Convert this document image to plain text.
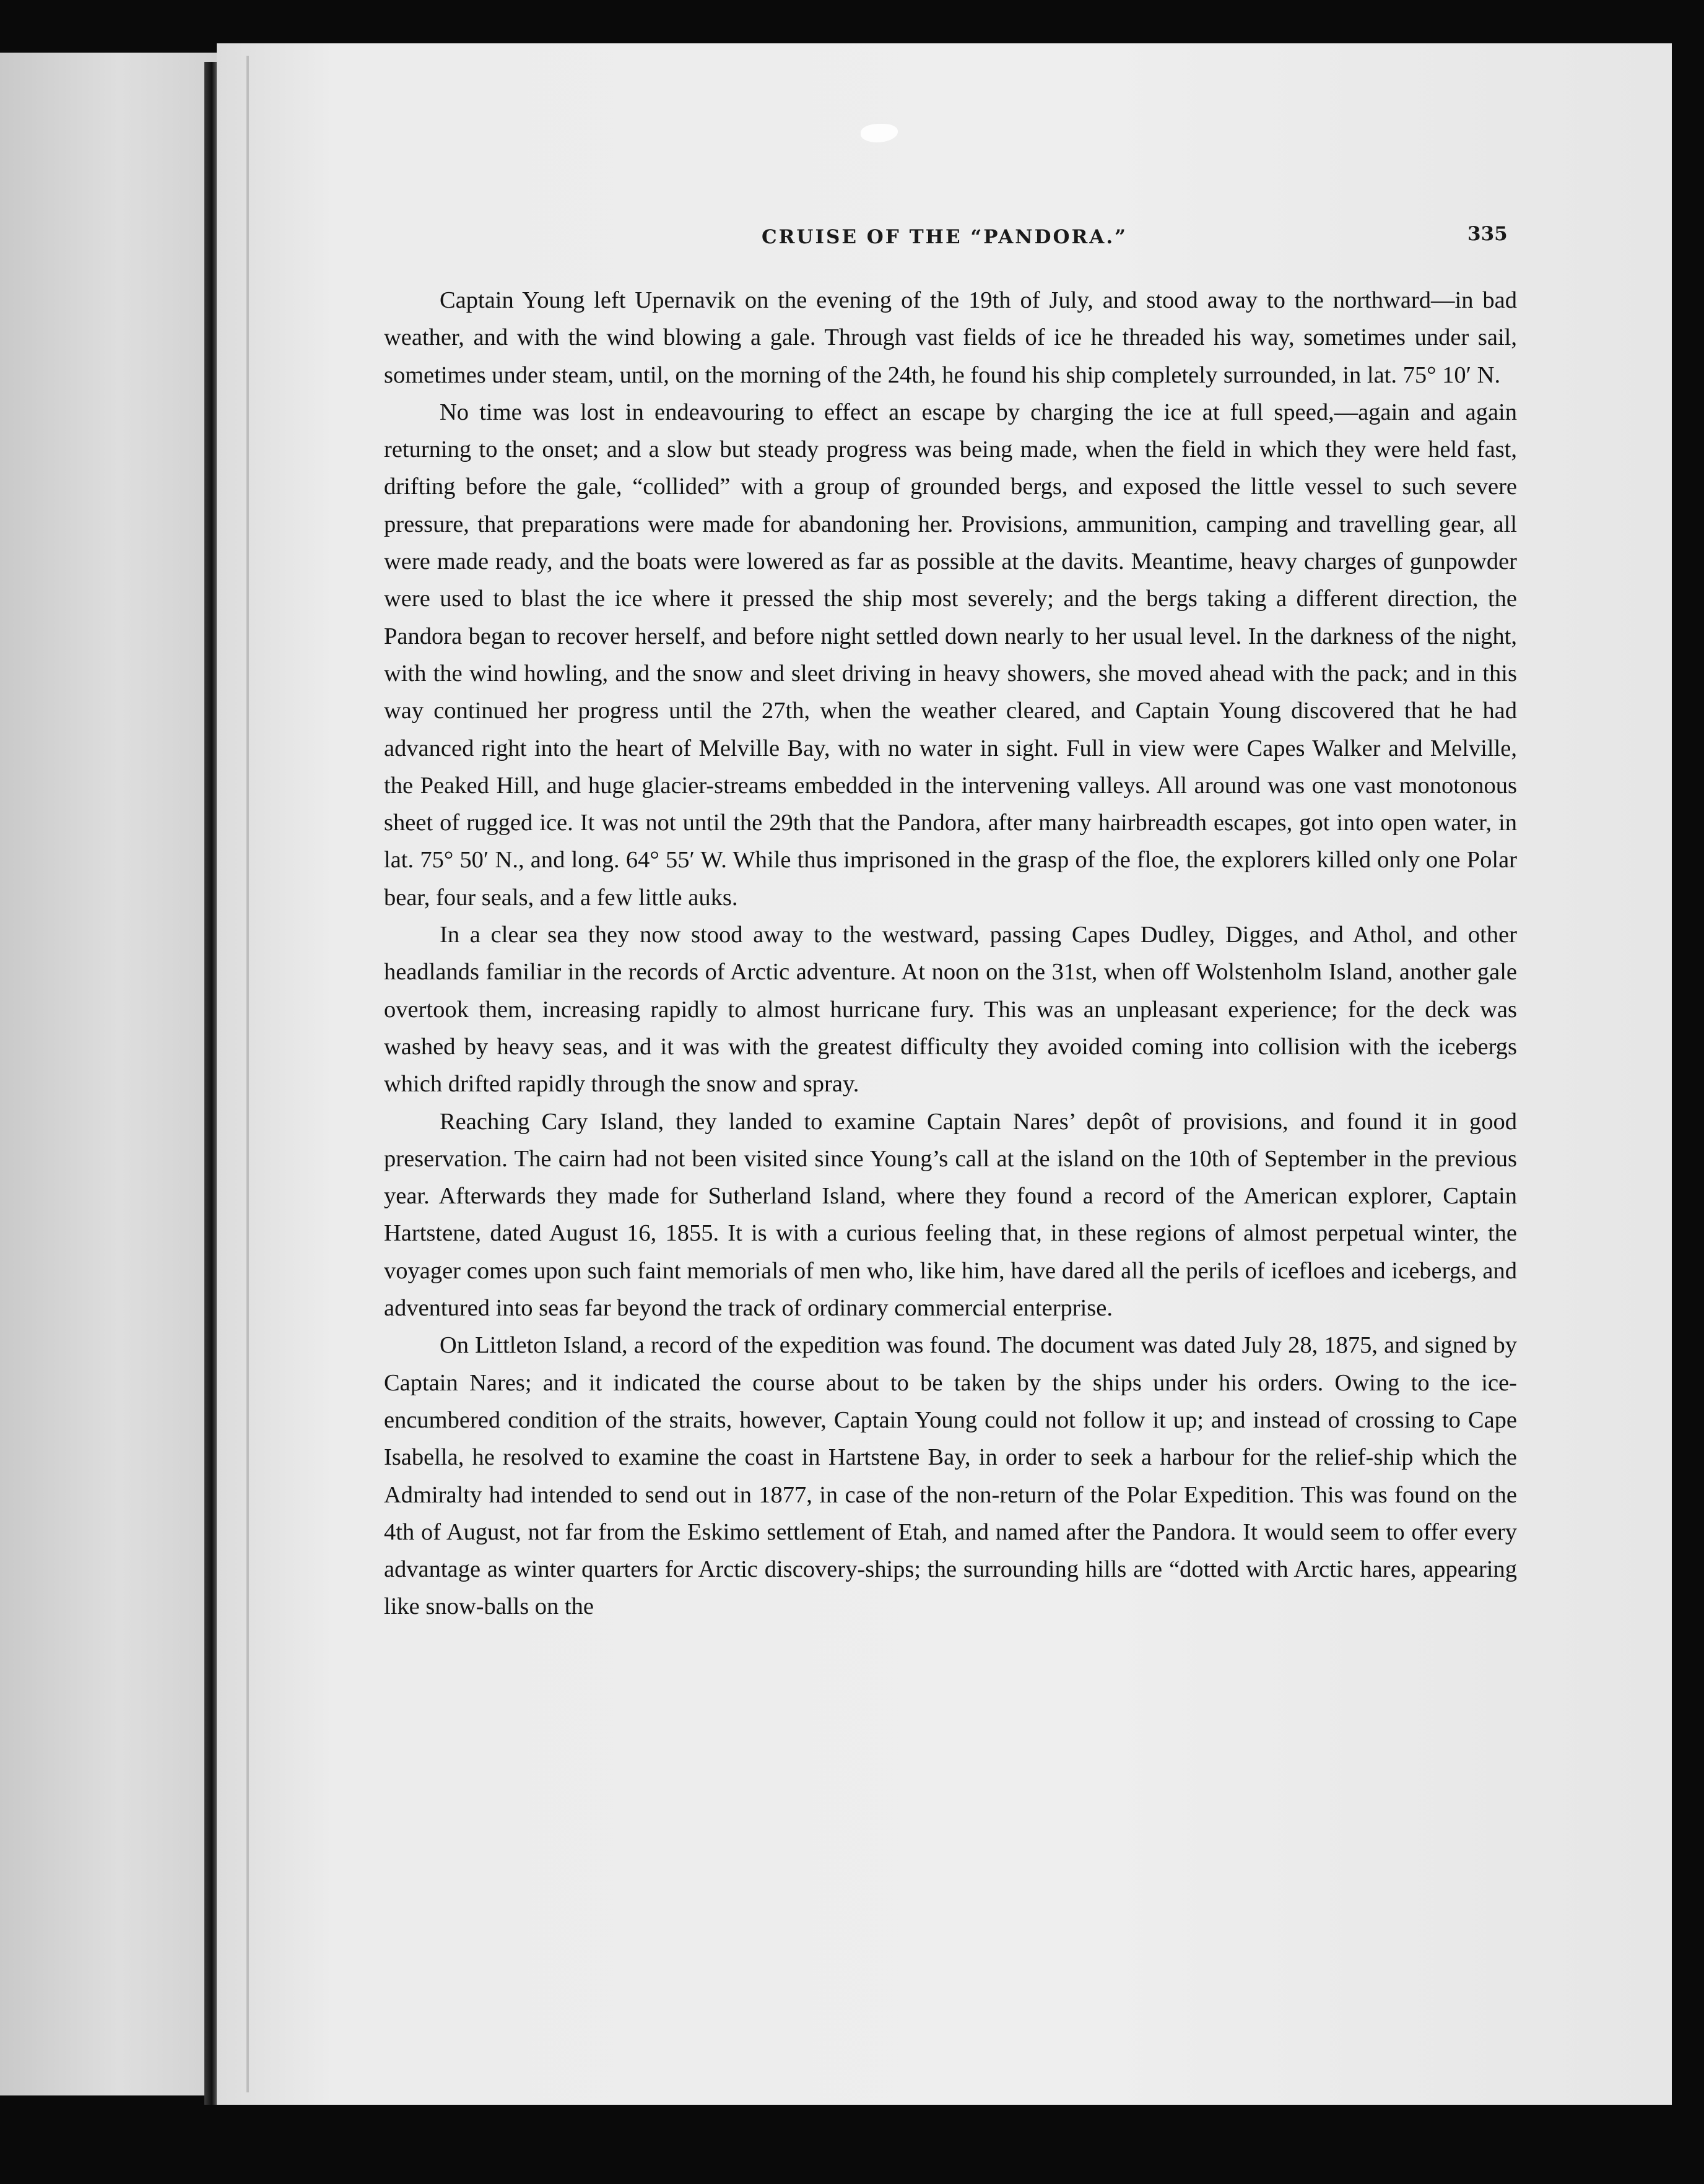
CRUISE OF THE “PANDORA.”	335

Captain Young left Upernavik on the evening of the 19th of July, and stood away to the northward—in bad weather, and with the wind blowing a gale. Through vast fields of ice he threaded his way, sometimes under sail, sometimes under steam, until, on the morning of the 24th, he found his ship completely surrounded, in lat. 75° 10′ N.

No time was lost in endeavouring to effect an escape by charging the ice at full speed,—again and again returning to the onset; and a slow but steady progress was being made, when the field in which they were held fast, drifting before the gale, “collided” with a group of grounded bergs, and exposed the little vessel to such severe pressure, that preparations were made for abandoning her. Provisions, ammunition, camping and travelling gear, all were made ready, and the boats were lowered as far as possible at the davits. Meantime, heavy charges of gunpowder were used to blast the ice where it pressed the ship most severely; and the bergs taking a different direction, the Pandora began to recover herself, and before night settled down nearly to her usual level. In the darkness of the night, with the wind howling, and the snow and sleet driving in heavy showers, she moved ahead with the pack; and in this way continued her progress until the 27th, when the weather cleared, and Captain Young discovered that he had advanced right into the heart of Melville Bay, with no water in sight. Full in view were Capes Walker and Melville, the Peaked Hill, and huge glacier-streams embedded in the intervening valleys. All around was one vast monotonous sheet of rugged ice. It was not until the 29th that the Pandora, after many hairbreadth escapes, got into open water, in lat. 75° 50′ N., and long. 64° 55′ W. While thus imprisoned in the grasp of the floe, the explorers killed only one Polar bear, four seals, and a few little auks.

In a clear sea they now stood away to the westward, passing Capes Dudley, Digges, and Athol, and other headlands familiar in the records of Arctic adventure. At noon on the 31st, when off Wolstenholm Island, another gale overtook them, increasing rapidly to almost hurricane fury. This was an unpleasant experience; for the deck was washed by heavy seas, and it was with the greatest difficulty they avoided coming into collision with the icebergs which drifted rapidly through the snow and spray.

Reaching Cary Island, they landed to examine Captain Nares’ depôt of provisions, and found it in good preservation. The cairn had not been visited since Young’s call at the island on the 10th of September in the previous year. Afterwards they made for Sutherland Island, where they found a record of the American explorer, Captain Hartstene, dated August 16, 1855. It is with a curious feeling that, in these regions of almost perpetual winter, the voyager comes upon such faint memorials of men who, like him, have dared all the perils of icefloes and icebergs, and adventured into seas far beyond the track of ordinary commercial enterprise.

On Littleton Island, a record of the expedition was found. The document was dated July 28, 1875, and signed by Captain Nares; and it indicated the course about to be taken by the ships under his orders. Owing to the ice-encumbered condition of the straits, however, Captain Young could not follow it up; and instead of crossing to Cape Isabella, he resolved to examine the coast in Hartstene Bay, in order to seek a harbour for the relief-ship which the Admiralty had intended to send out in 1877, in case of the non-return of the Polar Expedition. This was found on the 4th of August, not far from the Eskimo settlement of Etah, and named after the Pandora. It would seem to offer every advantage as winter quarters for Arctic discovery-ships; the surrounding hills are “dotted with Arctic hares, appearing like snow-balls on the
